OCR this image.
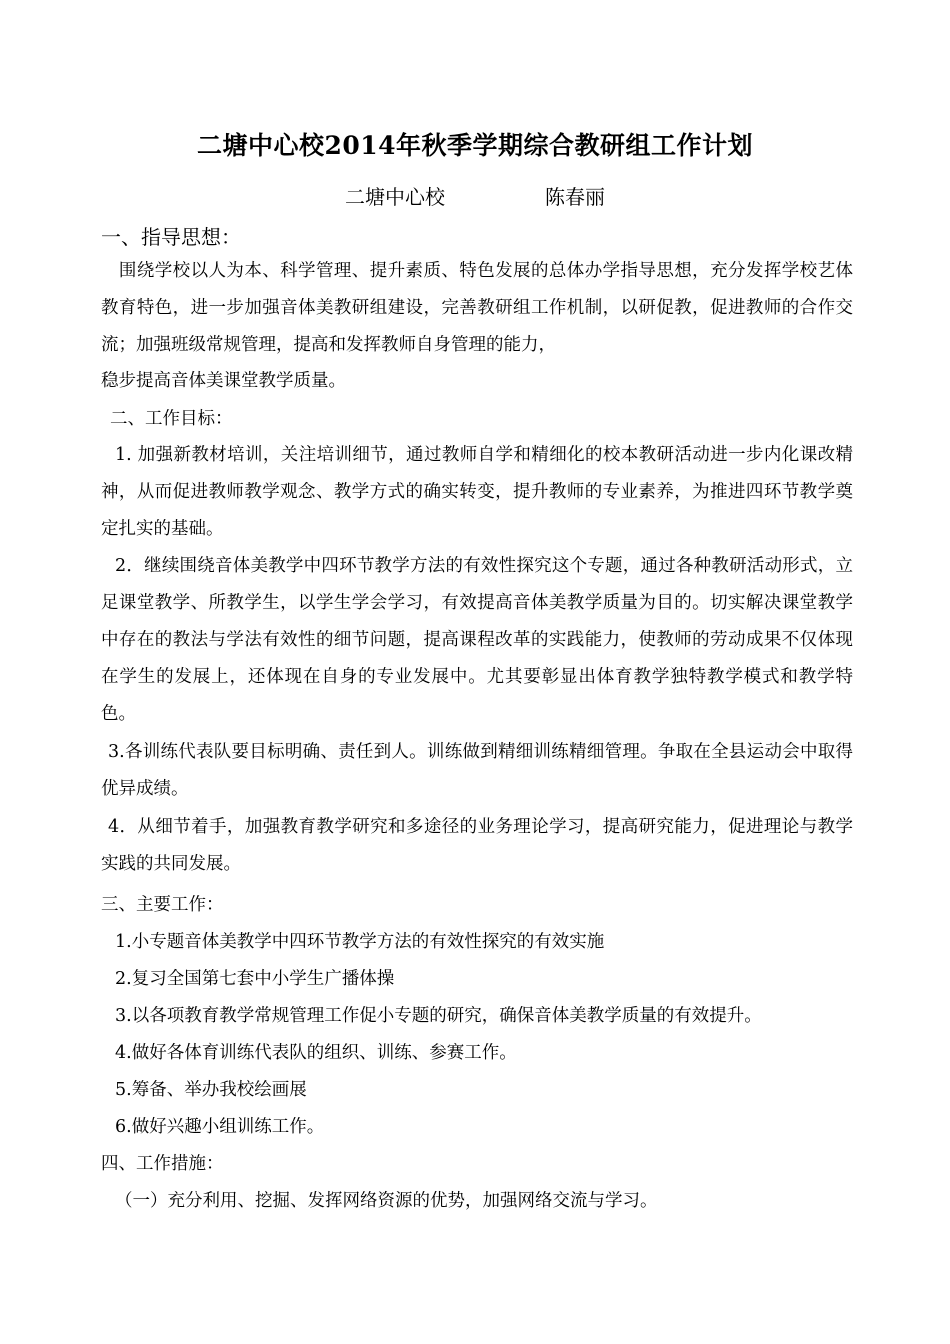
二塘中心校2014年秋季学期综合教研组工作计划
二塘中心校	陈春丽
一、指导思想：
　围绕学校以人为本、科学管理、提升素质、特色发展的总体办学指导思想，充分发挥学校艺体教育特色，进一步加强音体美教研组建设，完善教研组工作机制，以研促教，促进教师的合作交流；加强班级常规管理，提高和发挥教师自身管理的能力，
稳步提高音体美课堂教学质量。
二、工作目标：
1. 加强新教材培训，关注培训细节，通过教师自学和精细化的校本教研活动进一步内化课改精神，从而促进教师教学观念、教学方式的确实转变，提升教师的专业素养，为推进四环节教学奠定扎实的基础。
2．继续围绕音体美教学中四环节教学方法的有效性探究这个专题，通过各种教研活动形式，立足课堂教学、所教学生，以学生学会学习，有效提高音体美教学质量为目的。切实解决课堂教学中存在的教法与学法有效性的细节问题，提高课程改革的实践能力，使教师的劳动成果不仅体现在学生的发展上，还体现在自身的专业发展中。尤其要彰显出体育教学独特教学模式和教学特色。
3.各训练代表队要目标明确、责任到人。训练做到精细训练精细管理。争取在全县运动会中取得优异成绩。
4．从细节着手，加强教育教学研究和多途径的业务理论学习，提高研究能力，促进理论与教学实践的共同发展。
三、主要工作：
1.小专题音体美教学中四环节教学方法的有效性探究的有效实施
2.复习全国第七套中小学生广播体操
3.以各项教育教学常规管理工作促小专题的研究，确保音体美教学质量的有效提升。
4.做好各体育训练代表队的组织、训练、参赛工作。
5.筹备、举办我校绘画展
6.做好兴趣小组训练工作。
四、工作措施：
（一）充分利用、挖掘、发挥网络资源的优势，加强网络交流与学习。
